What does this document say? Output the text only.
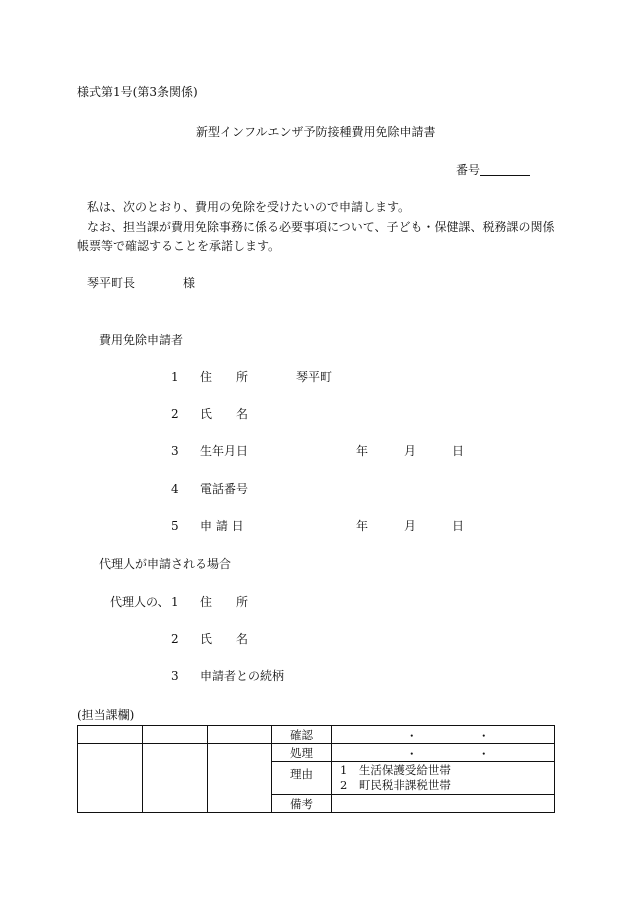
様式第1号(第3条関係)
新型インフルエンザ予防接種費用免除申請書
番号
私は、次のとおり、費用の免除を受けたいので申請します。
なお、担当課が費用免除事務に係る必要事項について、子ども・保健課、税務課の関係
帳票等で確認することを承諾します。
琴平町長	様
費用免除申請者
1 住　　所	琴平町
2 氏　　名
3 生年月日	年	月	日
4 電話番号
5 申 請 日	年	月	日
代理人が申請される場合
代理人の、 1 住　　所
2 氏　　名
3 申請者との続柄
(担当課欄)
			確認	・ ・

			処理	・ ・

			理由	1　生活保護受給世帯
2　町民税非課税世帯

			備考	
